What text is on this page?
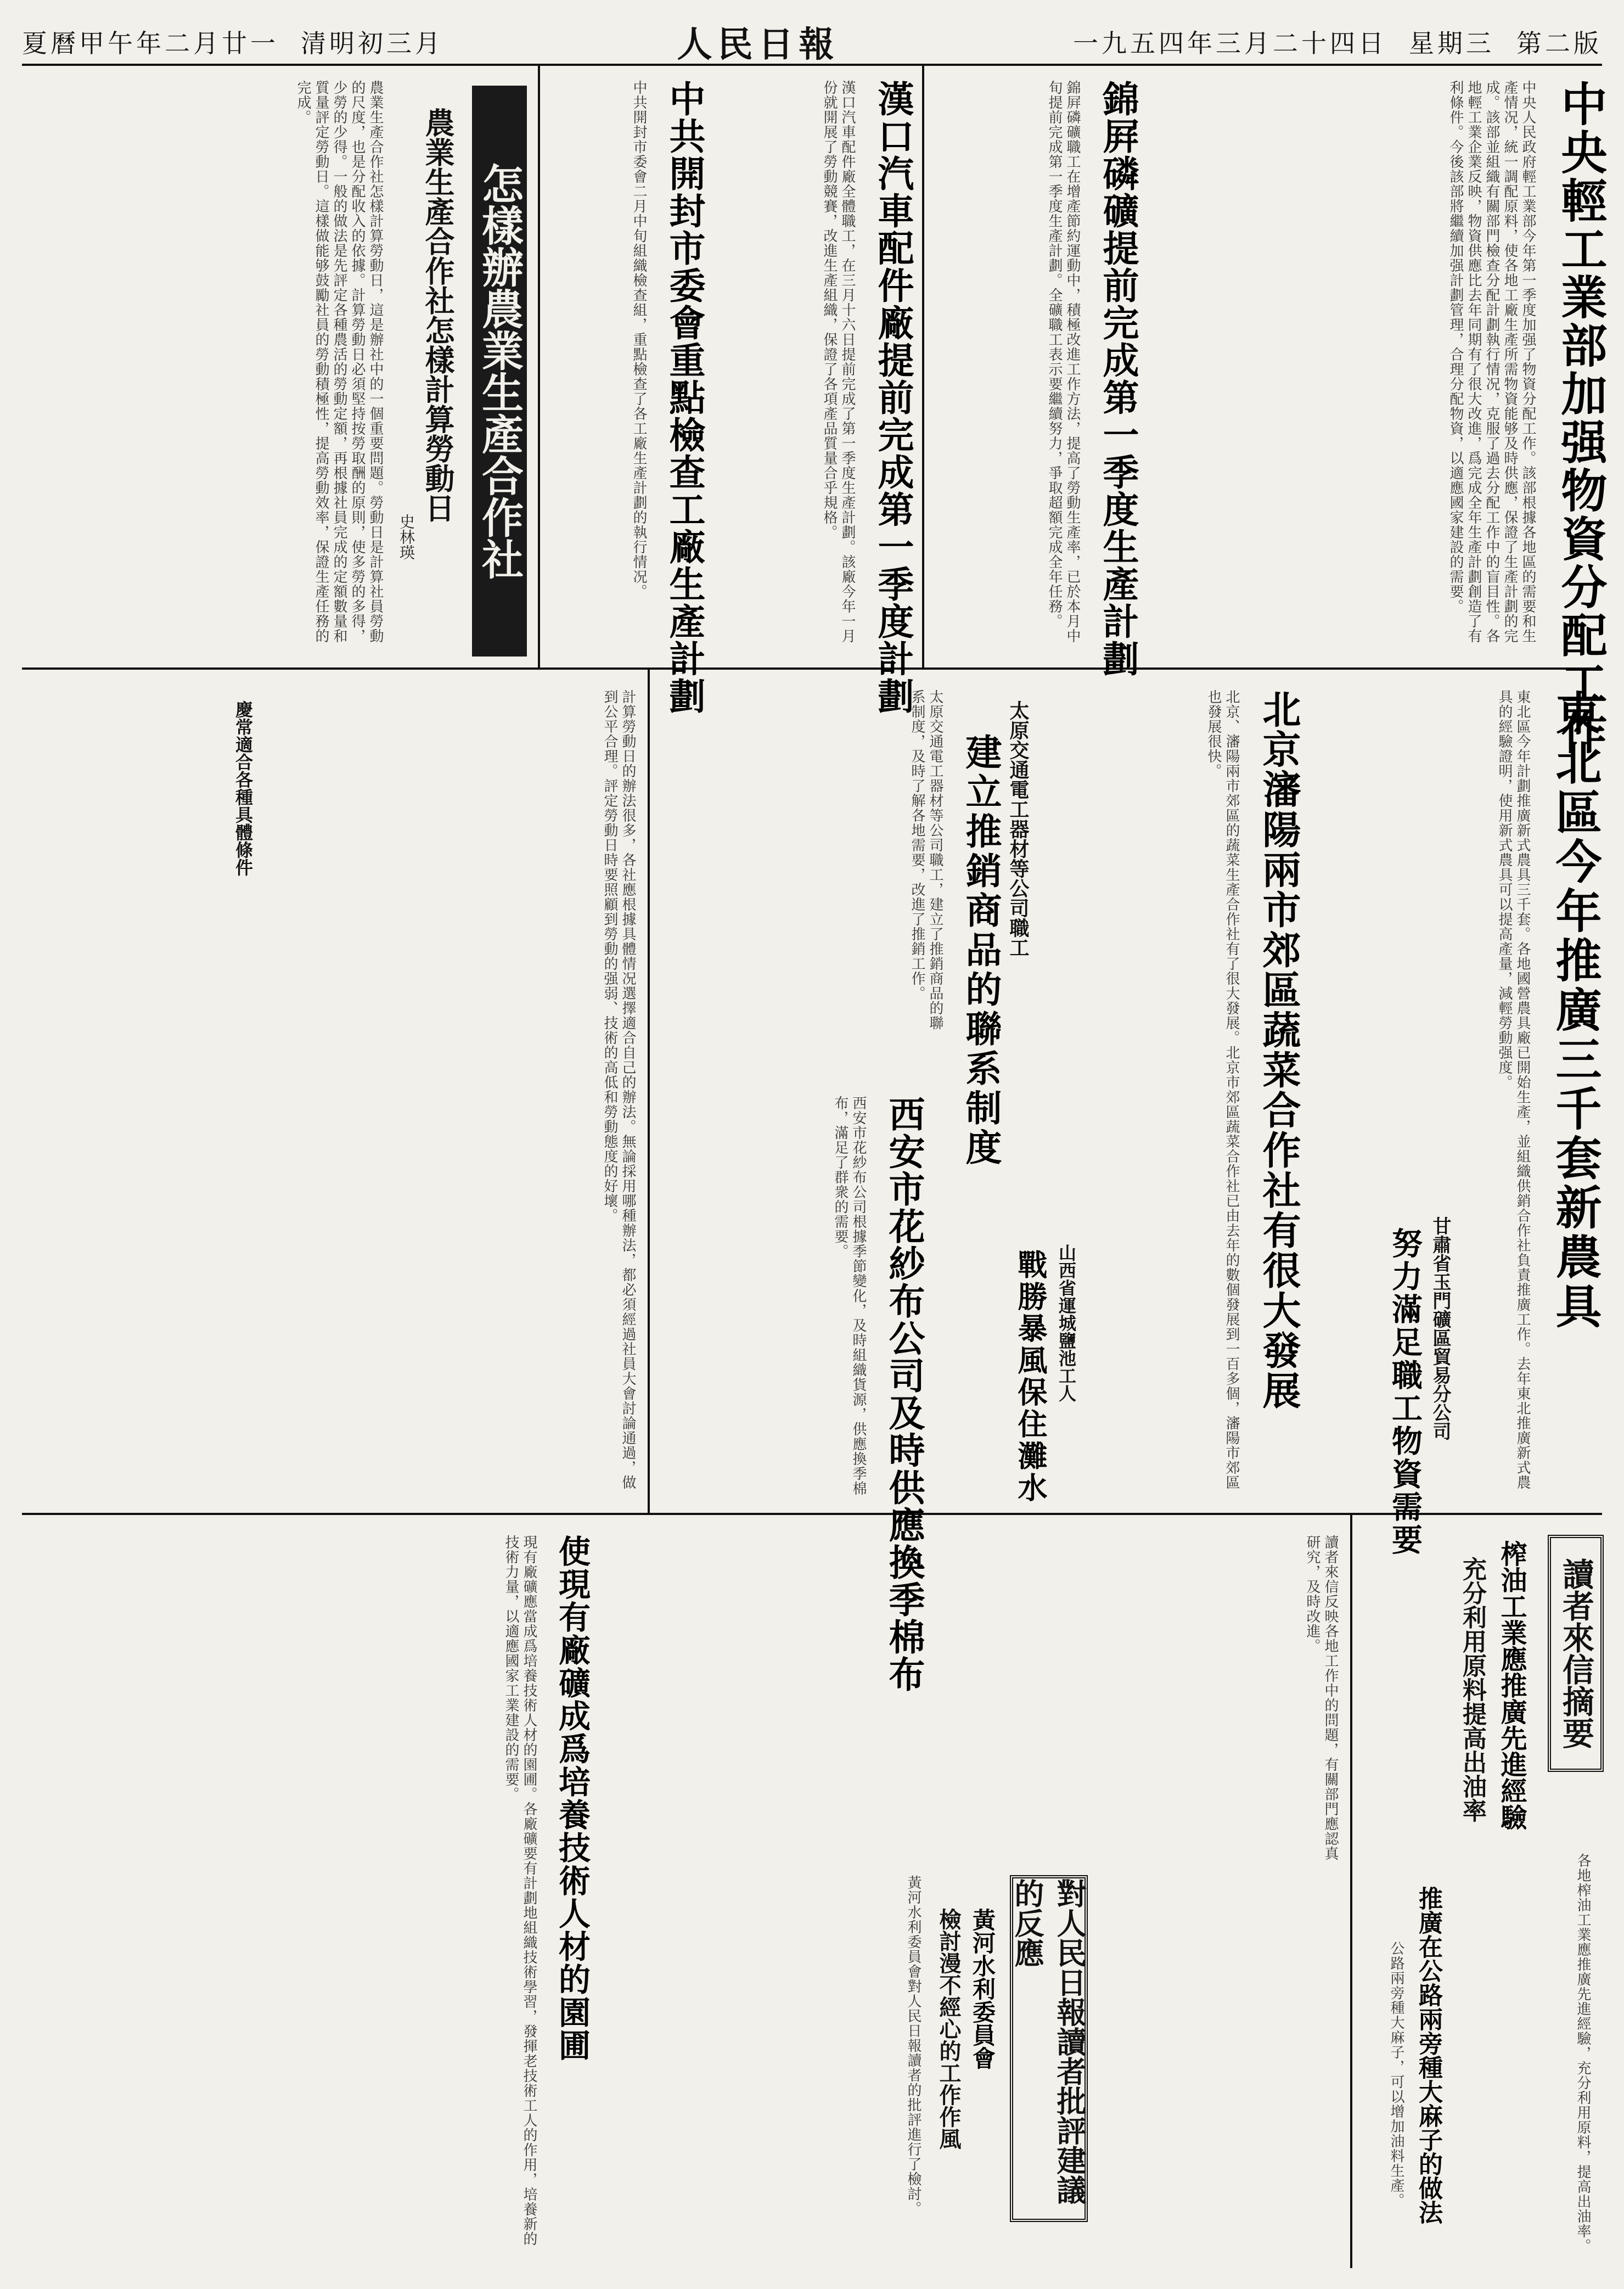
夏曆甲午年二月廿一 清明初三月	人民日報	一九五四年三月二十四日 星期三 第二版
中央輕工業部加强物資分配工作
中央人民政府輕工業部今年第一季度加强了物資分配工作。該部根據各地區的需要和生產情况，統一調配原料，使各地工廠生產所需物資能够及時供應，保證了生產計劃的完成。該部並組織有關部門檢查分配計劃執行情况，克服了過去分配工作中的盲目性。各地輕工業企業反映，物資供應比去年同期有了很大改進，爲完成全年生產計劃創造了有利條件。今後該部將繼續加强計劃管理，合理分配物資，以適應國家建設的需要。
錦屛磷礦提前完成第一季度生產計劃
錦屛磷礦職工在增產節約運動中，積極改進工作方法，提高了勞動生產率，已於本月中旬提前完成第一季度生產計劃。全礦職工表示要繼續努力，爭取超額完成全年任務。
漢口汽車配件廠提前完成第一季度計劃
漢口汽車配件廠全體職工，在三月十六日提前完成了第一季度生產計劃。該廠今年一月份就開展了勞動競賽，改進生產組織，保證了各項產品質量合乎規格。
中共開封市委會重點檢查工廠生產計劃
中共開封市委會二月中旬組織檢查組，重點檢查了各工廠生產計劃的執行情况。
怎樣辦農業生產合作社
農業生產合作社怎樣計算勞動日
史林瑛
農業生產合作社怎樣計算勞動日，這是辦社中的一個重要問題。勞動日是計算社員勞動的尺度，也是分配收入的依據。計算勞動日必須堅持按勞取酬的原則，使多勞的多得，少勞的少得。一般的做法是先評定各種農活的勞動定額，再根據社員完成的定額數量和質量評定勞動日。這樣做能够鼓勵社員的勞動積極性，提高勞動效率，保證生產任務的完成。
東北區今年推廣三千套新農具
東北區今年計劃推廣新式農具三千套。各地國營農具廠已開始生產，並組織供銷合作社負責推廣工作。去年東北推廣新式農具的經驗證明，使用新式農具可以提高產量，減輕勞動强度。
北京瀋陽兩市郊區蔬菜合作社有很大發展
北京、瀋陽兩市郊區的蔬菜生產合作社有了很大發展。北京市郊區蔬菜合作社已由去年的數個發展到一百多個，瀋陽市郊區也發展很快。
太原交通電工器材等公司職工
建立推銷商品的聯系制度
太原交通電工器材等公司職工，建立了推銷商品的聯系制度，及時了解各地需要，改進了推銷工作。
西安市花紗布公司及時供應換季棉布
西安市花紗布公司根據季節變化，及時組織貨源，供應換季棉布，滿足了群衆的需要。
甘肅省玉門礦區貿易分公司
努力滿足職工物資需要
山西省運城鹽池工人
戰勝暴風保住灘水
慶常適合各種具體條件	計算勞動日的辦法很多，各社應根據具體情况選擇適合自己的辦法。無論採用哪種辦法，都必須經過社員大會討論通過，做到公平合理。評定勞動日時要照顧到勞動的强弱、技術的高低和勞動態度的好壞。
讀者來信摘要
榨油工業應推廣先進經驗
充分利用原料提高出油率
各地榨油工業應推廣先進經驗，充分利用原料，提高出油率。
推廣在公路兩旁種大麻子的做法
公路兩旁種大麻子，可以增加油料生產。
對人民日報讀者批評建議的反應
黃河水利委員會
檢討漫不經心的工作作風
黃河水利委員會對人民日報讀者的批評進行了檢討。
使現有廠礦成爲培養技術人材的園圃
現有廠礦應當成爲培養技術人材的園圃。各廠礦要有計劃地組織技術學習，發揮老技術工人的作用，培養新的技術力量，以適應國家工業建設的需要。	讀者來信反映各地工作中的問題，有關部門應認真研究，及時改進。
